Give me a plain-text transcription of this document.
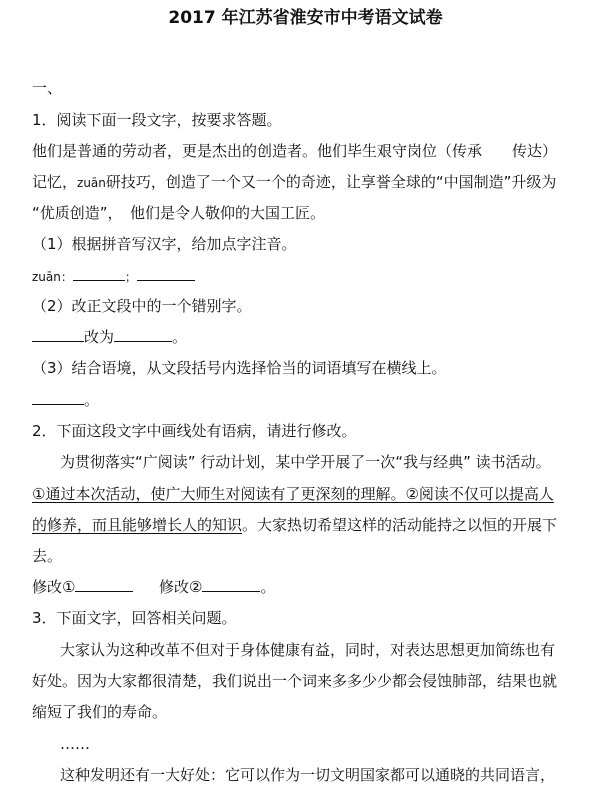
2017 年江苏省淮安市中考语文试卷
一、
1．阅读下面一段文字，按要求答题。
他们是普通的劳动者，更是杰出的创造者。他们毕生艰守岗位（传承　　传达）
记忆，zuān研技巧，创造了一个又一个的奇迹，让享誉全球的“中国制造”升级为
“优质创造”，　他们是令人敬仰的大国工匠。
（1）根据拼音写汉字，给加点字注音。
zuān：	；
（2）改正文段中的一个错别字。
改为	。
（3）结合语境，从文段括号内选择恰当的词语填写在横线上。
。
2．下面这段文字中画线处有语病，请进行修改。
为贯彻落实“广阅读” 行动计划，某中学开展了一次“我与经典” 读书活动。
①通过本次活动，使广大师生对阅读有了更深刻的理解。②阅读不仅可以提高人
的修养，而且能够增长人的知识。大家热切希望这样的活动能持之以恒的开展下
去。
修改①	修改②	。
3．下面文字，回答相关问题。
大家认为这种改革不但对于身体健康有益，同时，对表达思想更加简练也有
好处。因为大家都很清楚，我们说出一个词来多多少少都会侵蚀肺部，结果也就
缩短了我们的寿命。
……
这种发明还有一大好处：它可以作为一切文明国家都可以通晓的共同语言，
